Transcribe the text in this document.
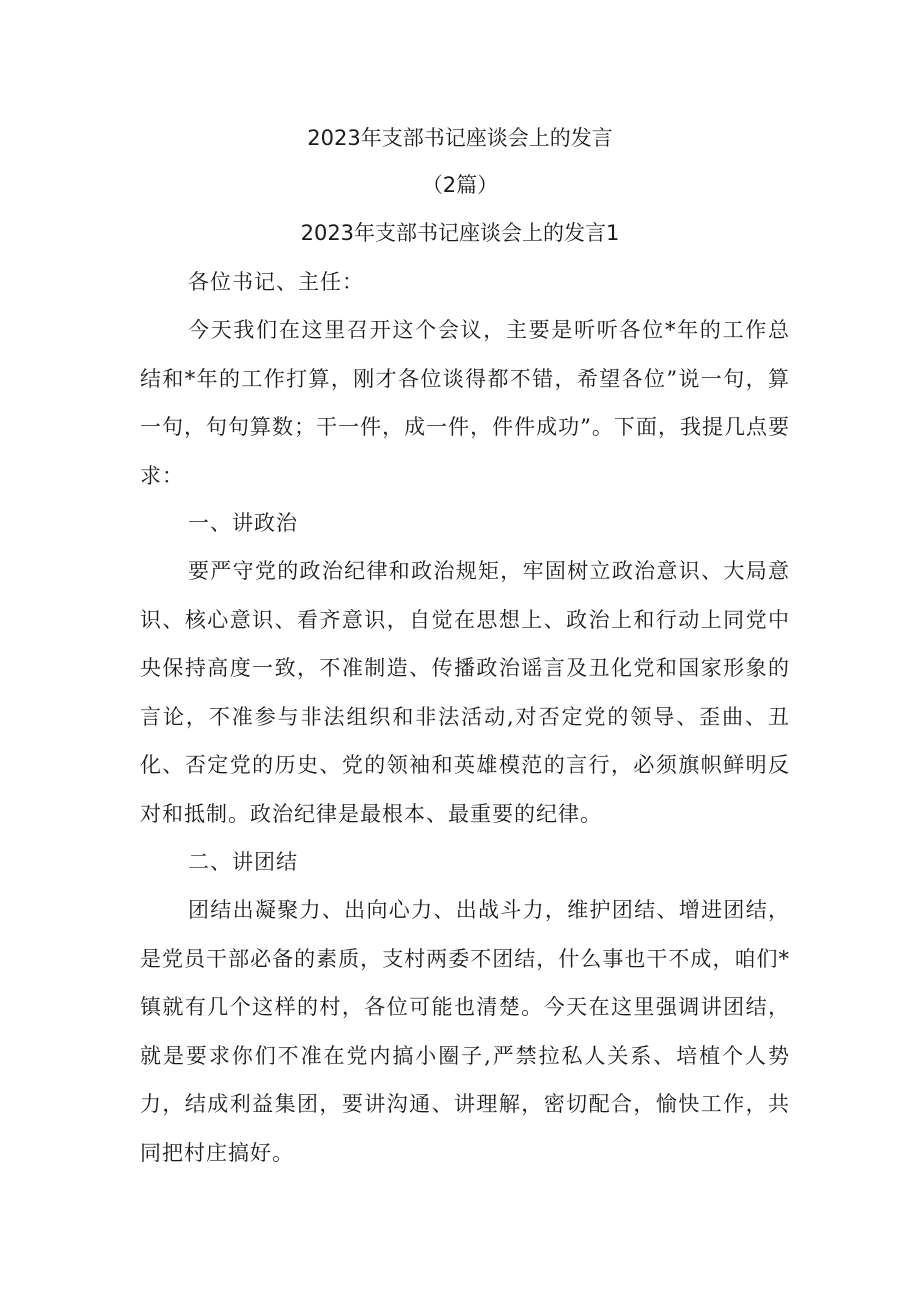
2023年支部书记座谈会上的发言
（2篇）
2023年支部书记座谈会上的发言1
各位书记、主任：
今天我们在这里召开这个会议，主要是听听各位*年的工作总结和*年的工作打算，刚才各位谈得都不错，希望各位”说一句，算一句，句句算数；干一件，成一件，件件成功”。下面，我提几点要求：
一、讲政治
要严守党的政治纪律和政治规矩，牢固树立政治意识、大局意识、核心意识、看齐意识，自觉在思想上、政治上和行动上同党中央保持高度一致，不准制造、传播政治谣言及丑化党和国家形象的言论，不准参与非法组织和非法活动,对否定党的领导、歪曲、丑化、否定党的历史、党的领袖和英雄模范的言行，必须旗帜鲜明反对和抵制。政治纪律是最根本、最重要的纪律。
二、讲团结
团结出凝聚力、出向心力、出战斗力，维护团结、增进团结，是党员干部必备的素质，支村两委不团结，什么事也干不成，咱们*镇就有几个这样的村，各位可能也清楚。今天在这里强调讲团结，就是要求你们不准在党内搞小圈子,严禁拉私人关系、培植个人势力，结成利益集团，要讲沟通、讲理解，密切配合，愉快工作，共同把村庄搞好。
